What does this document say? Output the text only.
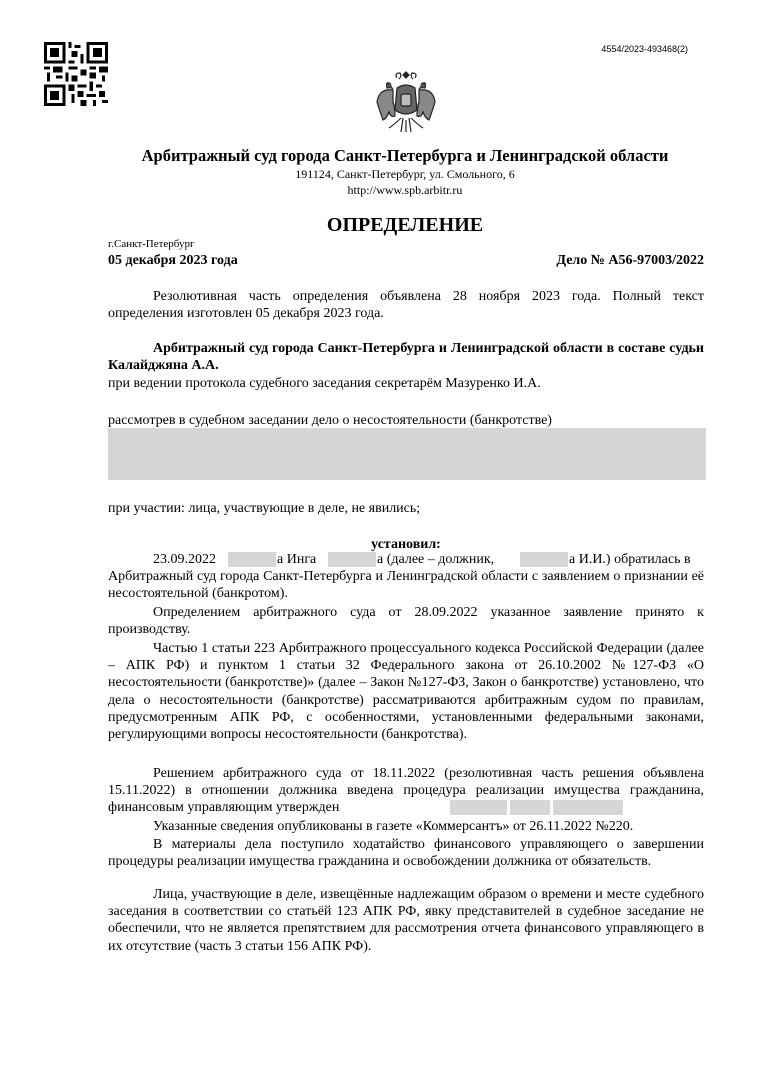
4554/2023-493468(2)
Арбитражный суд города Санкт-Петербурга и Ленинградской области
191124, Санкт-Петербург, ул. Смольного, 6
http://www.spb.arbitr.ru
ОПРЕДЕЛЕНИЕ
г.Санкт-Петербург
05 декабря 2023 года	Дело № А56-97003/2022
Резолютивная часть определения объявлена 28 ноября 2023 года. Полный текст определения изготовлен 05 декабря 2023 года.
Арбитражный суд города Санкт-Петербурга и Ленинградской области в составе судьи Калайджяна А.А.
при ведении протокола судебного заседания секретарём Мазуренко И.А.
рассмотрев в судебном заседании дело о несостоятельности (банкротстве)
при участии: лица, участвующие в деле, не явились;
установил:
23.09.2022	а Инга	а (далее – должник,	а И.И.) обратилась в
Арбитражный суд города Санкт-Петербурга и Ленинградской области с заявлением о признании её несостоятельной (банкротом).
Определением арбитражного суда от 28.09.2022 указанное заявление принято к производству.
Частью 1 статьи 223 Арбитражного процессуального кодекса Российской Федерации (далее – АПК РФ) и пунктом 1 статьи 32 Федерального закона от 26.10.2002 №127-ФЗ «О несостоятельности (банкротстве)» (далее – Закон №127-ФЗ, Закон о банкротстве) установлено, что дела о несостоятельности (банкротстве) рассматриваются арбитражным судом по правилам, предусмотренным АПК РФ, с особенностями, установленными федеральными законами, регулирующими вопросы несостоятельности (банкротства).
Решением арбитражного суда от 18.11.2022 (резолютивная часть решения объявлена 15.11.2022) в отношении должника введена процедура реализации имущества гражданина, финансовым управляющим утвержден
Указанные сведения опубликованы в газете «Коммерсантъ» от 26.11.2022 №220.
В материалы дела поступило ходатайство финансового управляющего о завершении процедуры реализации имущества гражданина и освобождении должника от обязательств.
Лица, участвующие в деле, извещённые надлежащим образом о времени и месте судебного заседания в соответствии со статьёй 123 АПК РФ, явку представителей в судебное заседание не обеспечили, что не является препятствием для рассмотрения отчета финансового управляющего в их отсутствие (часть 3 статьи 156 АПК РФ).
